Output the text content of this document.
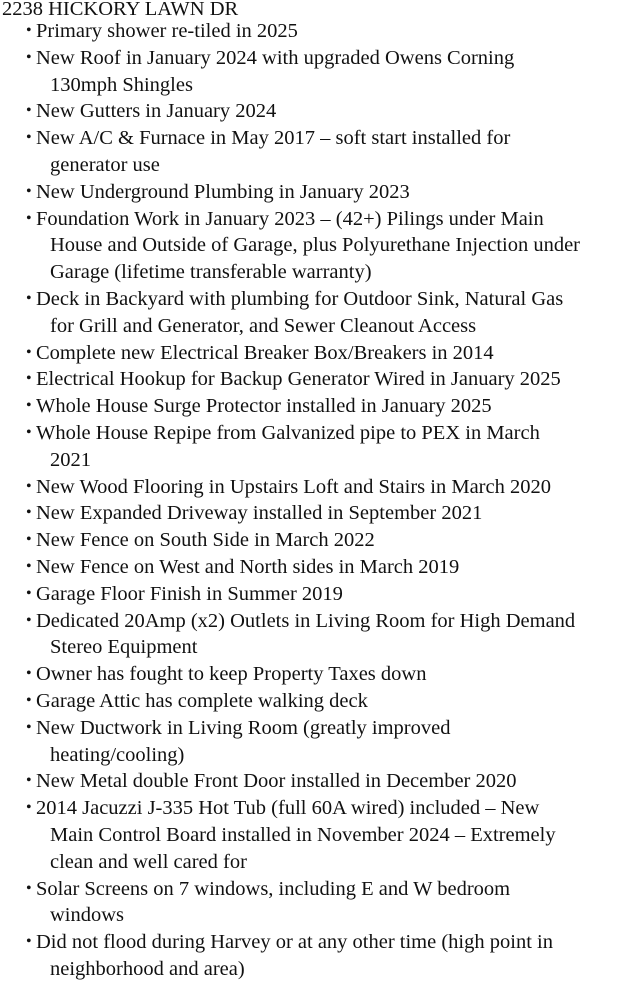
2238 HICKORY LAWN DR
• Primary shower re-tiled in 2025
• New Roof in January 2024 with upgraded Owens Corning
130mph Shingles
• New Gutters in January 2024
• New A/C & Furnace in May 2017 – soft start installed for
generator use
• New Underground Plumbing in January 2023
• Foundation Work in January 2023 – (42+) Pilings under Main
House and Outside of Garage, plus Polyurethane Injection under
Garage (lifetime transferable warranty)
• Deck in Backyard with plumbing for Outdoor Sink, Natural Gas
for Grill and Generator, and Sewer Cleanout Access
• Complete new Electrical Breaker Box/Breakers in 2014
• Electrical Hookup for Backup Generator Wired in January 2025
• Whole House Surge Protector installed in January 2025
• Whole House Repipe from Galvanized pipe to PEX in March
2021
• New Wood Flooring in Upstairs Loft and Stairs in March 2020
• New Expanded Driveway installed in September 2021
• New Fence on South Side in March 2022
• New Fence on West and North sides in March 2019
• Garage Floor Finish in Summer 2019
• Dedicated 20Amp (x2) Outlets in Living Room for High Demand
Stereo Equipment
• Owner has fought to keep Property Taxes down
• Garage Attic has complete walking deck
• New Ductwork in Living Room (greatly improved
heating/cooling)
• New Metal double Front Door installed in December 2020
• 2014 Jacuzzi J-335 Hot Tub (full 60A wired) included – New
Main Control Board installed in November 2024 – Extremely
clean and well cared for
• Solar Screens on 7 windows, including E and W bedroom
windows
• Did not flood during Harvey or at any other time (high point in
neighborhood and area)
